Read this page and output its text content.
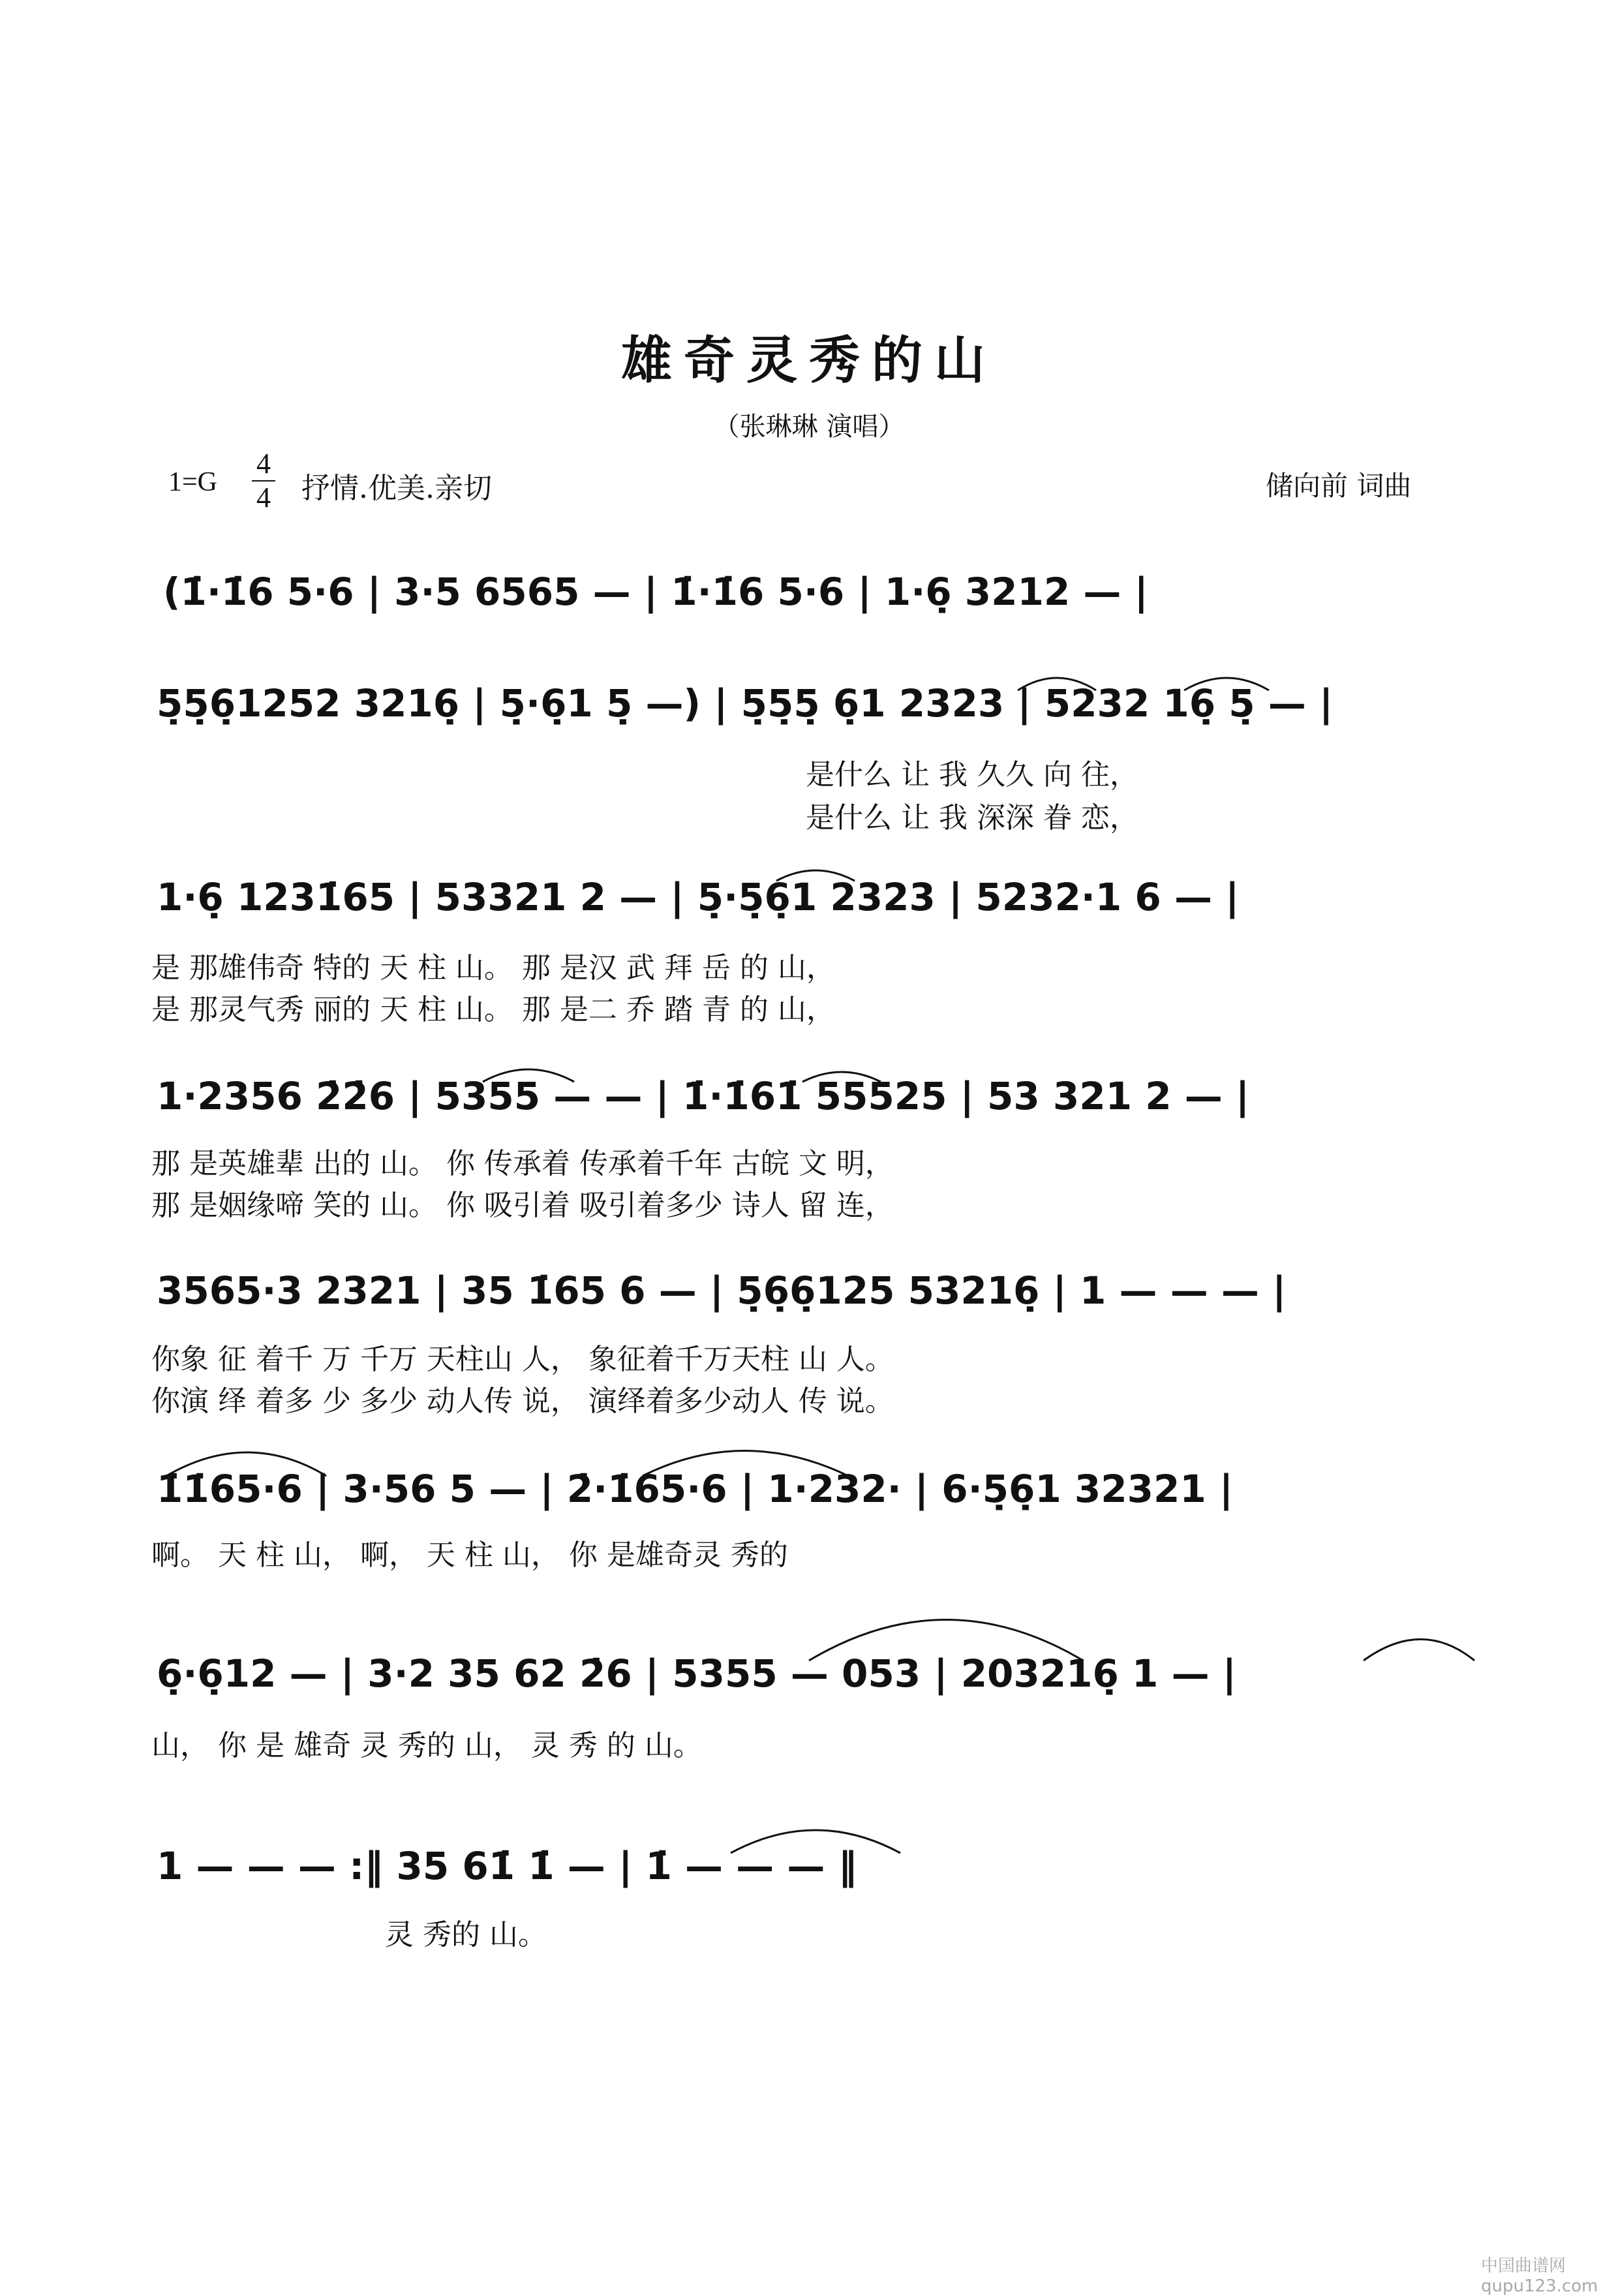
雄奇灵秀的山
（张琳琳 演唱）
1=G
4
4 抒情.优美.亲切	储向前 词曲
(1̇·1̇6 5·6 | 3·5 6565 — | 1̇·1̇6 5·6 | 1·6̣ 3212 — |
5̣5̣6̣1252 3216̣ | 5̣·6̣1 5̣ —) | 5̣5̣5̣ 6̣1 2323 | 5232 16̣ 5̣ — |
是什么 让 我 久久 向 往，
是什么 让 我 深深 眷 恋，
1·6̣ 1231̇65 | 53321 2 — | 5̣·5̣6̣1 2323 | 5232·1 6 — |
是 那雄伟奇 特的 天 柱 山。 那 是汉 武 拜 岳 的 山，
是 那灵气秀 丽的 天 柱 山。 那 是二 乔 踏 青 的 山，
1·2356 2̇2̇6 | 5355 — — | 1̇·1̇61̇ 55525 | 53 321 2 — |
那 是英雄辈 出的 山。 你 传承着 传承着千年 古皖 文 明，
那 是姻缘啼 笑的 山。 你 吸引着 吸引着多少 诗人 留 连，
3565·3 2321 | 35 1̇65 6 — | 5̣6̣6̣125 53216̣ | 1 — — — |
你象 征 着千 万 千万 天柱山 人， 象征着千万天柱 山 人。
你演 绎 着多 少 多少 动人传 说， 演绎着多少动人 传 说。
1̇1̇65·6 | 3·56 5 — | 2̇·1̇65·6 | 1·232· | 6·5̣6̣1 32321 |
啊。 天 柱 山， 啊， 天 柱 山， 你 是雄奇灵 秀的
6̣·6̣12 — | 3·2 35 62 2̇6 | 5355 — 053 | 203216̣ 1 — |
山， 你 是 雄奇 灵 秀的 山， 灵 秀 的 山。
1 — — — :‖ 35 61̇ 1̇ — | 1̇ — — — ‖
灵 秀的 山。
中国曲谱网 qupu123.com
